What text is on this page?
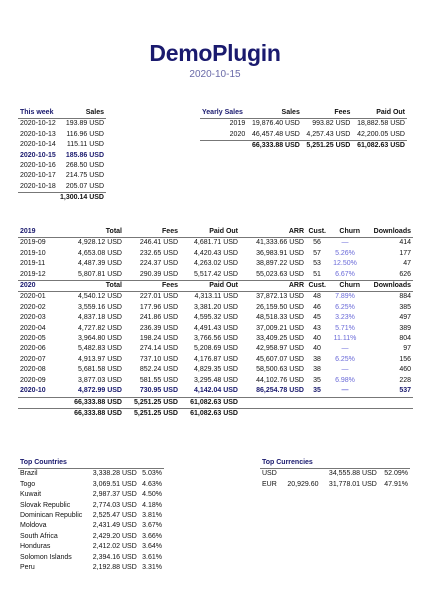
DemoPlugin
2020-10-15
This week	Sales
2020-10-12	193.89 USD
2020-10-13	116.96 USD
2020-10-14	115.11 USD
2020-10-15	185.86 USD
2020-10-16	268.50 USD
2020-10-17	214.75 USD
2020-10-18	205.07 USD
	1,300.14 USD
Yearly Sales	Sales	Fees	Paid Out
2019	19,876.40 USD	993.82 USD	18,882.58 USD
2020	46,457.48 USD	4,257.43 USD	42,200.05 USD
	66,333.88 USD	5,251.25 USD	61,082.63 USD
2019	Total	Fees	Paid Out	ARR	Cust.	Churn	Downloads
2019-09	4,928.12 USD	246.41 USD	4,681.71 USD	41,333.66 USD	56	—	414
2019-10	4,653.08 USD	232.65 USD	4,420.43 USD	36,983.91 USD	57	5.26%	177
2019-11	4,487.39 USD	224.37 USD	4,263.02 USD	38,897.22 USD	53	12.50%	47
2019-12	5,807.81 USD	290.39 USD	5,517.42 USD	55,023.63 USD	51	6.67%	626
2020	Total	Fees	Paid Out	ARR	Cust.	Churn	Downloads
2020-01	4,540.12 USD	227.01 USD	4,313.11 USD	37,872.13 USD	48	7.89%	884
2020-02	3,559.16 USD	177.96 USD	3,381.20 USD	26,159.50 USD	46	6.25%	385
2020-03	4,837.18 USD	241.86 USD	4,595.32 USD	48,518.33 USD	45	3.23%	497
2020-04	4,727.82 USD	236.39 USD	4,491.43 USD	37,009.21 USD	43	5.71%	389
2020-05	3,964.80 USD	198.24 USD	3,766.56 USD	33,409.25 USD	40	11.11%	804
2020-06	5,482.83 USD	274.14 USD	5,208.69 USD	42,958.97 USD	40	—	97
2020-07	4,913.97 USD	737.10 USD	4,176.87 USD	45,607.07 USD	38	6.25%	156
2020-08	5,681.58 USD	852.24 USD	4,829.35 USD	58,500.63 USD	38	—	460
2020-09	3,877.03 USD	581.55 USD	3,295.48 USD	44,102.76 USD	35	6.98%	228
2020-10	4,872.99 USD	730.95 USD	4,142.04 USD	86,254.78 USD	35	—	537
	66,333.88 USD	5,251.25 USD	61,082.63 USD				
	66,333.88 USD	5,251.25 USD	61,082.63 USD				
Top Countries		
Brazil	3,338.28 USD	5.03%
Togo	3,069.51 USD	4.63%
Kuwait	2,987.37 USD	4.50%
Slovak Republic	2,774.03 USD	4.18%
Dominican Republic	2,525.47 USD	3.81%
Moldova	2,431.49 USD	3.67%
South Africa	2,429.20 USD	3.66%
Honduras	2,412.02 USD	3.64%
Solomon Islands	2,394.16 USD	3.61%
Peru	2,192.88 USD	3.31%
Top Currencies			
USD		34,555.88 USD	52.09%
EUR	20,929.60	31,778.01 USD	47.91%
